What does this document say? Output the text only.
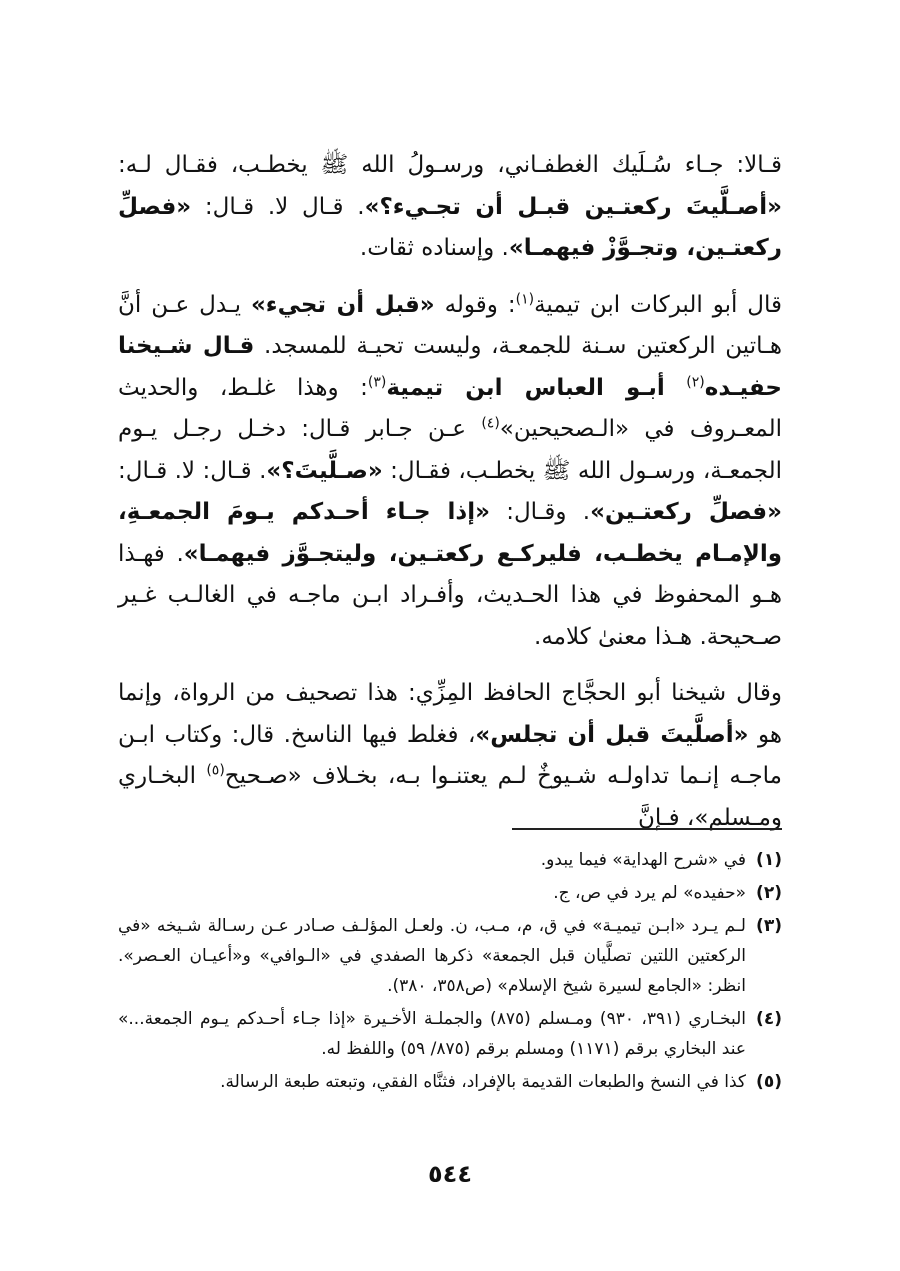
قـالا: جـاء سُـلَيك الغطفـاني، ورسـولُ الله ﷺ يخطـب، فقـال لـه: «أصـلَّيتَ ركعتـين قبـل أن تجـيء؟». قـال لا. قـال: «فصلِّ ركعتـين، وتجـوَّزْ فيهمـا». وإسناده ثقات.

قال أبو البركات ابن تيمية$^{(١)}$: وقوله «قبل أن تجيء» يـدل عـن أنَّ هـاتين الركعتين سـنة للجمعـة، وليست تحيـة للمسجد. قـال شـيخنا حفيـده$^{(٢)}$ أبـو العباس ابن تيمية$^{(٣)}$: وهذا غلـط، والحديث المعـروف في «الـصحيحين»$^{(٤)}$ عـن جـابر قـال: دخـل رجـل يـوم الجمعـة، ورسـول الله ﷺ يخطـب، فقـال: «صـلَّيتَ؟». قـال: لا. قـال: «فصلِّ ركعتـين». وقـال: «إذا جـاء أحـدكم يـومَ الجمعـةِ، والإمـام يخطـب، فليركـع ركعتـين، وليتجـوَّز فيهمـا». فهـذا هـو المحفوظ في هذا الحـديث، وأفـراد ابـن ماجـه في الغالـب غـير صـحيحة. هـذا معنىٰ كلامه.

وقال شيخنا أبو الحجَّاج الحافظ المِزِّي: هذا تصحيف من الرواة، وإنما هو «أصلَّيتَ قبل أن تجلس»، فغلط فيها الناسخ. قال: وكتاب ابـن ماجـه إنـما تداولـه شـيوخٌ لـم يعتنـوا بـه، بخـلاف «صـحيح$^{(٥)}$ البخـاري ومـسلم»، فـإنَّ

(١)
في «شرح الهداية» فيما يبدو.
(٢)
«حفيده» لم يرد في ص، ج.
(٣)
لـم يـرد «ابـن تيميـة» في ق، م، مـب، ن. ولعـل المؤلـف صـادر عـن رسـالة شـيخه «في الركعتين اللتين تصلَّيان قبل الجمعة» ذكرها الصفدي في «الـوافي» و«أعيـان العـصر». انظر: «الجامع لسيرة شيخ الإسلام» (ص٣٥٨، ٣٨٠).
(٤)
البخـاري (٣٩١، ٩٣٠) ومـسلم (٨٧٥) والجملـة الأخـيرة «إذا جـاء أحـدكم يـوم الجمعة...» عند البخاري برقم (١١٧١) ومسلم برقم (٨٧٥/ ٥٩) واللفظ له.
(٥)
كذا في النسخ والطبعات القديمة بالإفراد، فثنَّاه الفقي، وتبعته طبعة الرسالة.
٥٤٤
